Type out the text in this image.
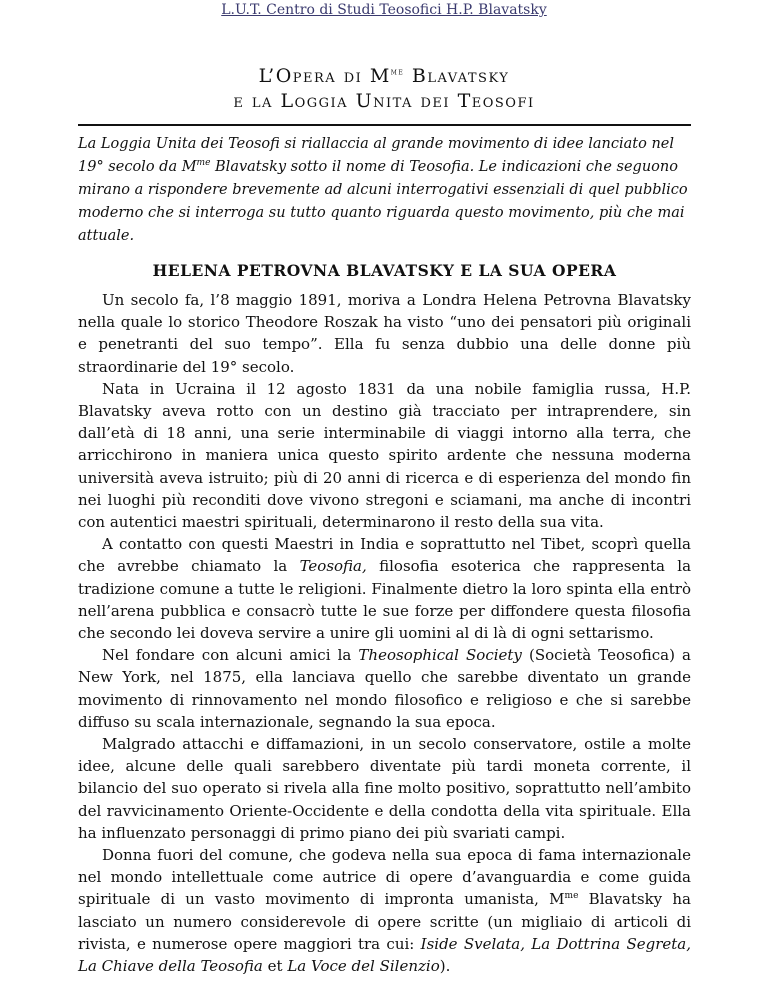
L.U.T. Centro di Studi Teosofici H.P. Blavatsky
L’Opera di $M^{me}$ Blavatsky
e la Loggia Unita dei Teosofi
La Loggia Unita dei Teosofi si riallaccia al grande movimento di idee lanciato nel 19° secolo da $M^{me}$ Blavatsky sotto il nome di Teosofia. Le indicazioni che seguono mirano a rispondere brevemente ad alcuni interrogativi essenziali di quel pubblico moderno che si interroga su tutto quanto riguarda questo movimento, più che mai attuale.
HELENA PETROVNA BLAVATSKY E LA SUA OPERA

Un secolo fa, l’8 maggio 1891, moriva a Londra Helena Petrovna Blavatsky nella quale lo storico Theodore Roszak ha visto “uno dei pensatori più originali e penetranti del suo tempo”. Ella fu senza dubbio una delle donne più straordinarie del 19° secolo.

Nata in Ucraina il 12 agosto 1831 da una nobile famiglia russa, H.P. Blavatsky aveva rotto con un destino già tracciato per intraprendere, sin dall’età di 18 anni, una serie interminabile di viaggi intorno alla terra, che arricchirono in maniera unica questo spirito ardente che nessuna moderna università aveva istruito; più di 20 anni di ricerca e di esperienza del mondo fin nei luoghi più reconditi dove vivono stregoni e sciamani, ma anche di incontri con autentici maestri spirituali, determinarono il resto della sua vita.

A contatto con questi Maestri in India e soprattutto nel Tibet, scoprì quella che avrebbe chiamato la Teosofia, filosofia esoterica che rappresenta la tradizione comune a tutte le religioni. Finalmente dietro la loro spinta ella entrò nell’arena pubblica e consacrò tutte le sue forze per diffondere questa filosofia che secondo lei doveva servire a unire gli uomini al di là di ogni settarismo.

Nel fondare con alcuni amici la Theosophical Society (Società Teosofica) a New York, nel 1875, ella lanciava quello che sarebbe diventato un grande movimento di rinnovamento nel mondo filosofico e religioso e che si sarebbe diffuso su scala internazionale, segnando la sua epoca.

Malgrado attacchi e diffamazioni, in un secolo conservatore, ostile a molte idee, alcune delle quali sarebbero diventate più tardi moneta corrente, il bilancio del suo operato si rivela alla fine molto positivo, soprattutto nell’ambito del ravvicinamento Oriente-Occidente e della condotta della vita spirituale. Ella ha influenzato personaggi di primo piano dei più svariati campi.

Donna fuori del comune, che godeva nella sua epoca di fama internazionale nel mondo intellettuale come autrice di opere d’avanguardia e come guida spirituale di un vasto movimento di impronta umanista, $M^{me}$ Blavatsky ha lasciato un numero considerevole di opere scritte (un migliaio di articoli di rivista, e numerose opere maggiori tra cui: Iside Svelata, La Dottrina Segreta, La Chiave della Teosofia et La Voce del Silenzio).
